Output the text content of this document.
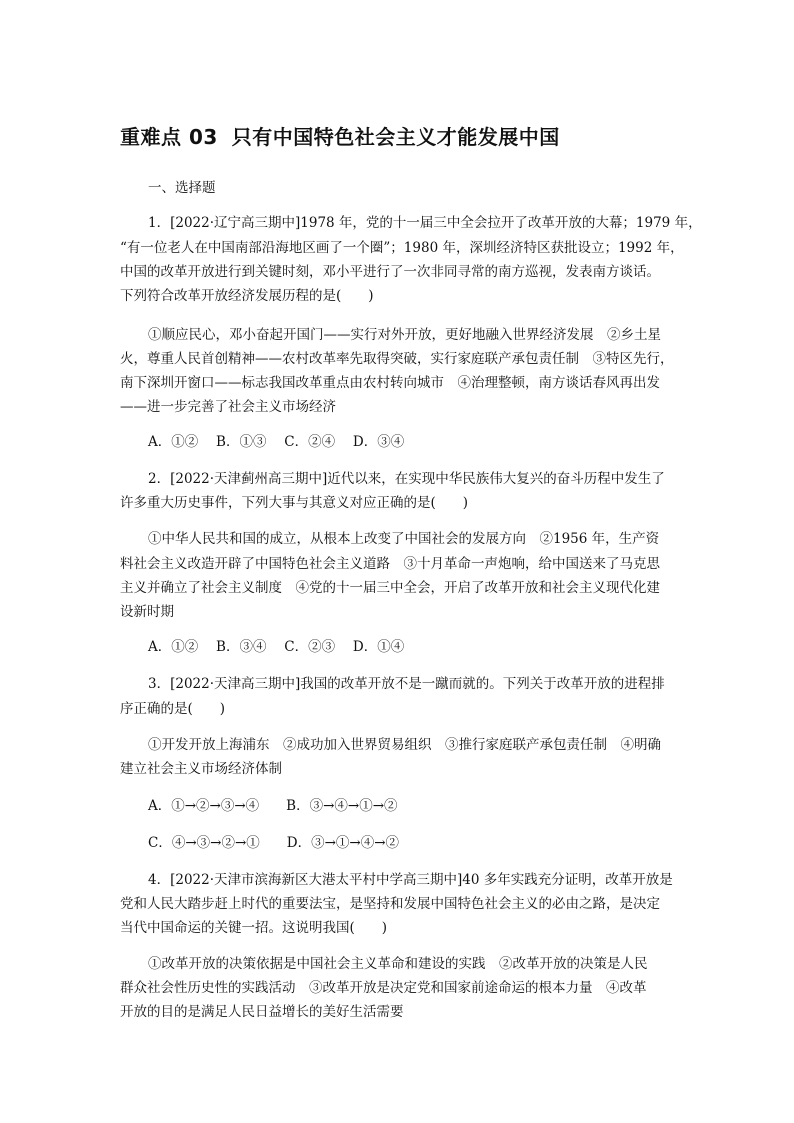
重难点 03 只有中国特色社会主义才能发展中国
一、选择题
1．[2022·辽宁高三期中]1978 年，党的十一届三中全会拉开了改革开放的大幕；1979 年，
“有一位老人在中国南部沿海地区画了一个圈”；1980 年，深圳经济特区获批设立；1992 年，
中国的改革开放进行到关键时刻，邓小平进行了一次非同寻常的南方巡视，发表南方谈话。
下列符合改革开放经济发展历程的是(　　)
①顺应民心，邓小奋起开国门——实行对外开放，更好地融入世界经济发展　②乡土星
火，尊重人民首创精神——农村改革率先取得突破，实行家庭联产承包责任制　③特区先行，
南下深圳开窗口——标志我国改革重点由农村转向城市　④治理整顿，南方谈话春风再出发
——进一步完善了社会主义市场经济
A．①②　 B．①③　 C．②④　 D．③④
2．[2022·天津蓟州高三期中]近代以来，在实现中华民族伟大复兴的奋斗历程中发生了
许多重大历史事件，下列大事与其意义对应正确的是(　　)
①中华人民共和国的成立，从根本上改变了中国社会的发展方向　②1956 年，生产资
料社会主义改造开辟了中国特色社会主义道路　③十月革命一声炮响，给中国送来了马克思
主义并确立了社会主义制度　④党的十一届三中全会，开启了改革开放和社会主义现代化建
设新时期
A．①②　 B．③④　 C．②③　 D．①④
3．[2022·天津高三期中]我国的改革开放不是一蹴而就的。下列关于改革开放的进程排
序正确的是(　　)
①开发开放上海浦东　②成功加入世界贸易组织　③推行家庭联产承包责任制　④明确
建立社会主义市场经济体制
A．①→②→③→④　　B．③→④→①→②
C．④→③→②→①　　D．③→①→④→②
4．[2022·天津市滨海新区大港太平村中学高三期中]40 多年实践充分证明，改革开放是
党和人民大踏步赶上时代的重要法宝，是坚持和发展中国特色社会主义的必由之路，是决定
当代中国命运的关键一招。这说明我国(　　)
①改革开放的决策依据是中国社会主义革命和建设的实践　②改革开放的决策是人民
群众社会性历史性的实践活动　③改革开放是决定党和国家前途命运的根本力量　④改革
开放的目的是满足人民日益增长的美好生活需要
